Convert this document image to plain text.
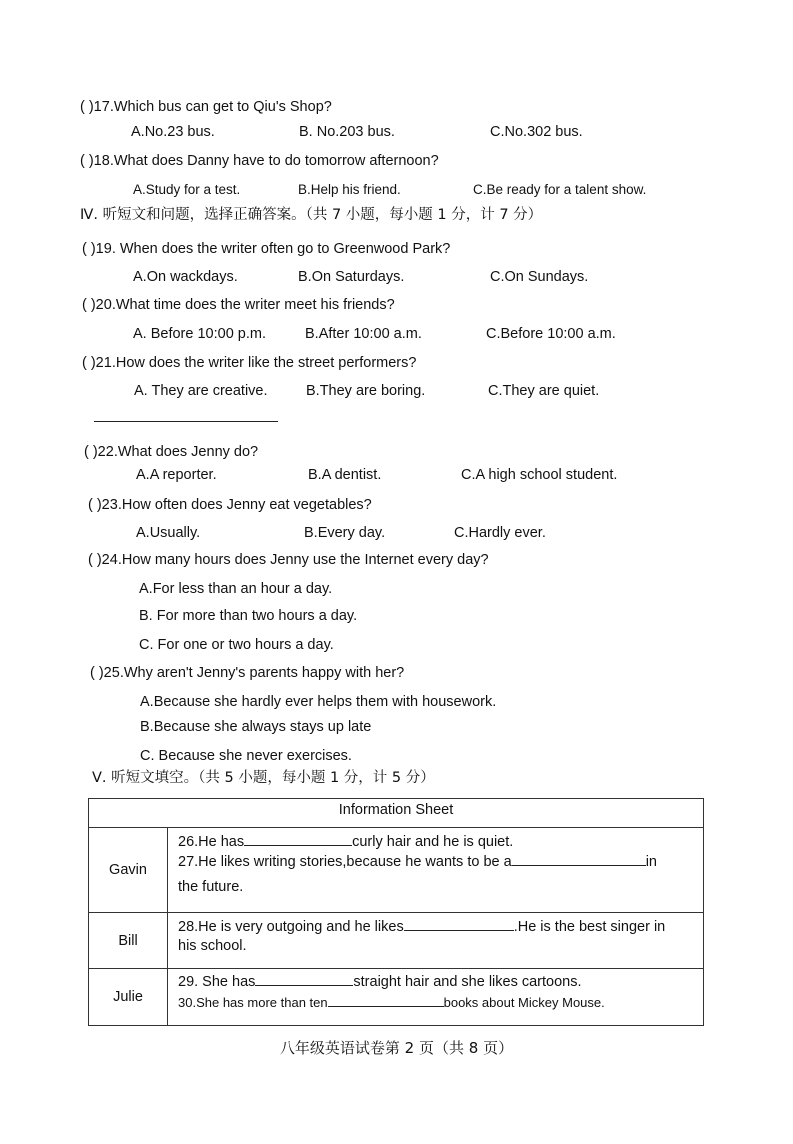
( )17.Which bus can get to Qiu's Shop?
A.No.23 bus.	B. No.203 bus.	C.No.302 bus.
( )18.What does Danny have to do tomorrow afternoon?
A.Study for a test.	B.Help his friend.	C.Be ready for a talent show.
Ⅳ. 听短文和问题，选择正确答案。（共 7 小题，每小题 1 分，计 7 分）
( )19. When does the writer often go to Greenwood Park?
A.On wackdays.	B.On Saturdays.	C.On Sundays.
( )20.What time does the writer meet his friends?
A. Before 10:00 p.m.	B.After 10:00 a.m.	C.Before 10:00 a.m.
( )21.How does the writer like the street performers?
A. They are creative.	B.They are boring.	C.They are quiet.
( )22.What does Jenny do?
A.A reporter.	B.A dentist.	C.A high school student.
( )23.How often does Jenny eat vegetables?
A.Usually.	B.Every day.	C.Hardly ever.
( )24.How many hours does Jenny use the Internet every day?
A.For less than an hour a day.
B. For more than two hours a day.
C. For one or two hours a day.
( )25.Why aren't Jenny's parents happy with her?
A.Because she hardly ever helps them with housework.
B.Because she always stays up late
C. Because she never exercises.
Ⅴ. 听短文填空。（共 5 小题，每小题 1 分，计 5 分）
Information Sheet	
Gavin	26.He has curly hair and he is quiet.
27.He likes writing stories,because he wants to be a in
the future.

Bill	28.He is very outgoing and he likes .He is the best singer in
his school.

Julie	29. She has straight hair and she likes cartoons.
30.She has more than ten books about Mickey Mouse.
八年级英语试卷第 2 页（共 8 页）
